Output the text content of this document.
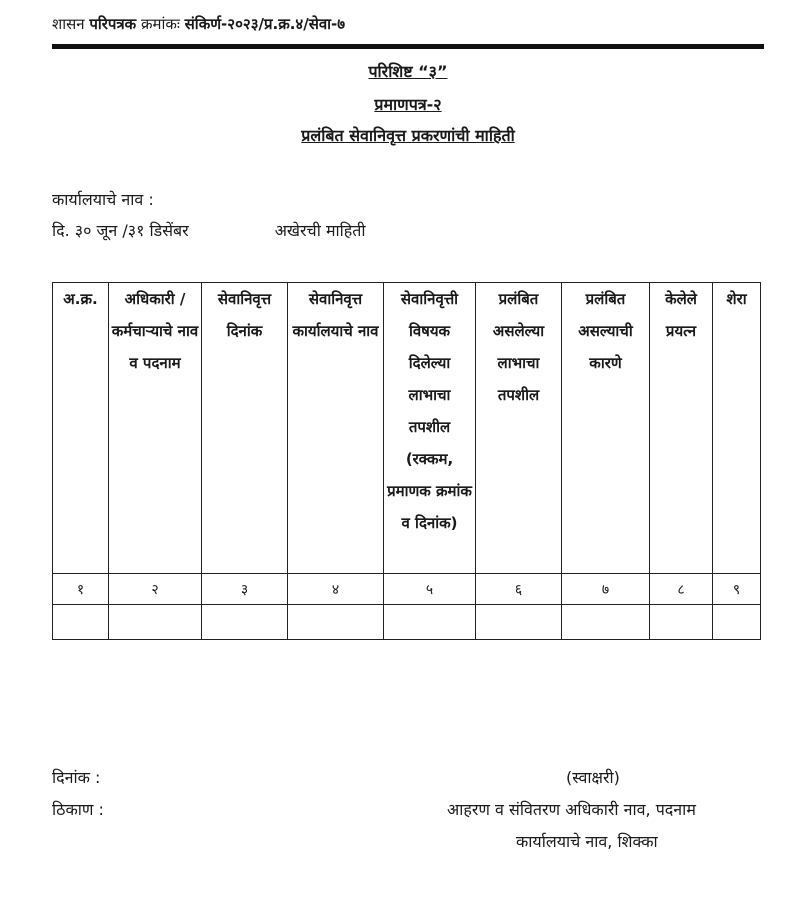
शासन परिपत्रक क्रमांकः संकिर्ण-२०२३/प्र.क्र.४/सेवा-७
परिशिष्ट “३”
प्रमाणपत्र-२
प्रलंबित सेवानिवृत्त प्रकरणांची माहिती
कार्यालयाचे नाव :
दि. ३० जून /३१ डिसेंबर	अखेरची माहिती
अ.क्र.	अधिकारी / कर्मचाऱ्याचे नाव व पदनाम	सेवानिवृत्त दिनांक	सेवानिवृत्त कार्यालयाचे नाव	सेवानिवृत्ती विषयक दिलेल्या लाभाचा तपशील (रक्कम, प्रमाणक क्रमांक व दिनांक)	प्रलंबित असलेल्या लाभाचा तपशील	प्रलंबित असल्याची कारणे	केलेले प्रयत्न	शेरा
१	२	३	४	५	६	७	८	९

दिनांक :
ठिकाण :
(स्वाक्षरी)
आहरण व संवितरण अधिकारी नाव, पदनाम
कार्यालयाचे नाव, शिक्का
